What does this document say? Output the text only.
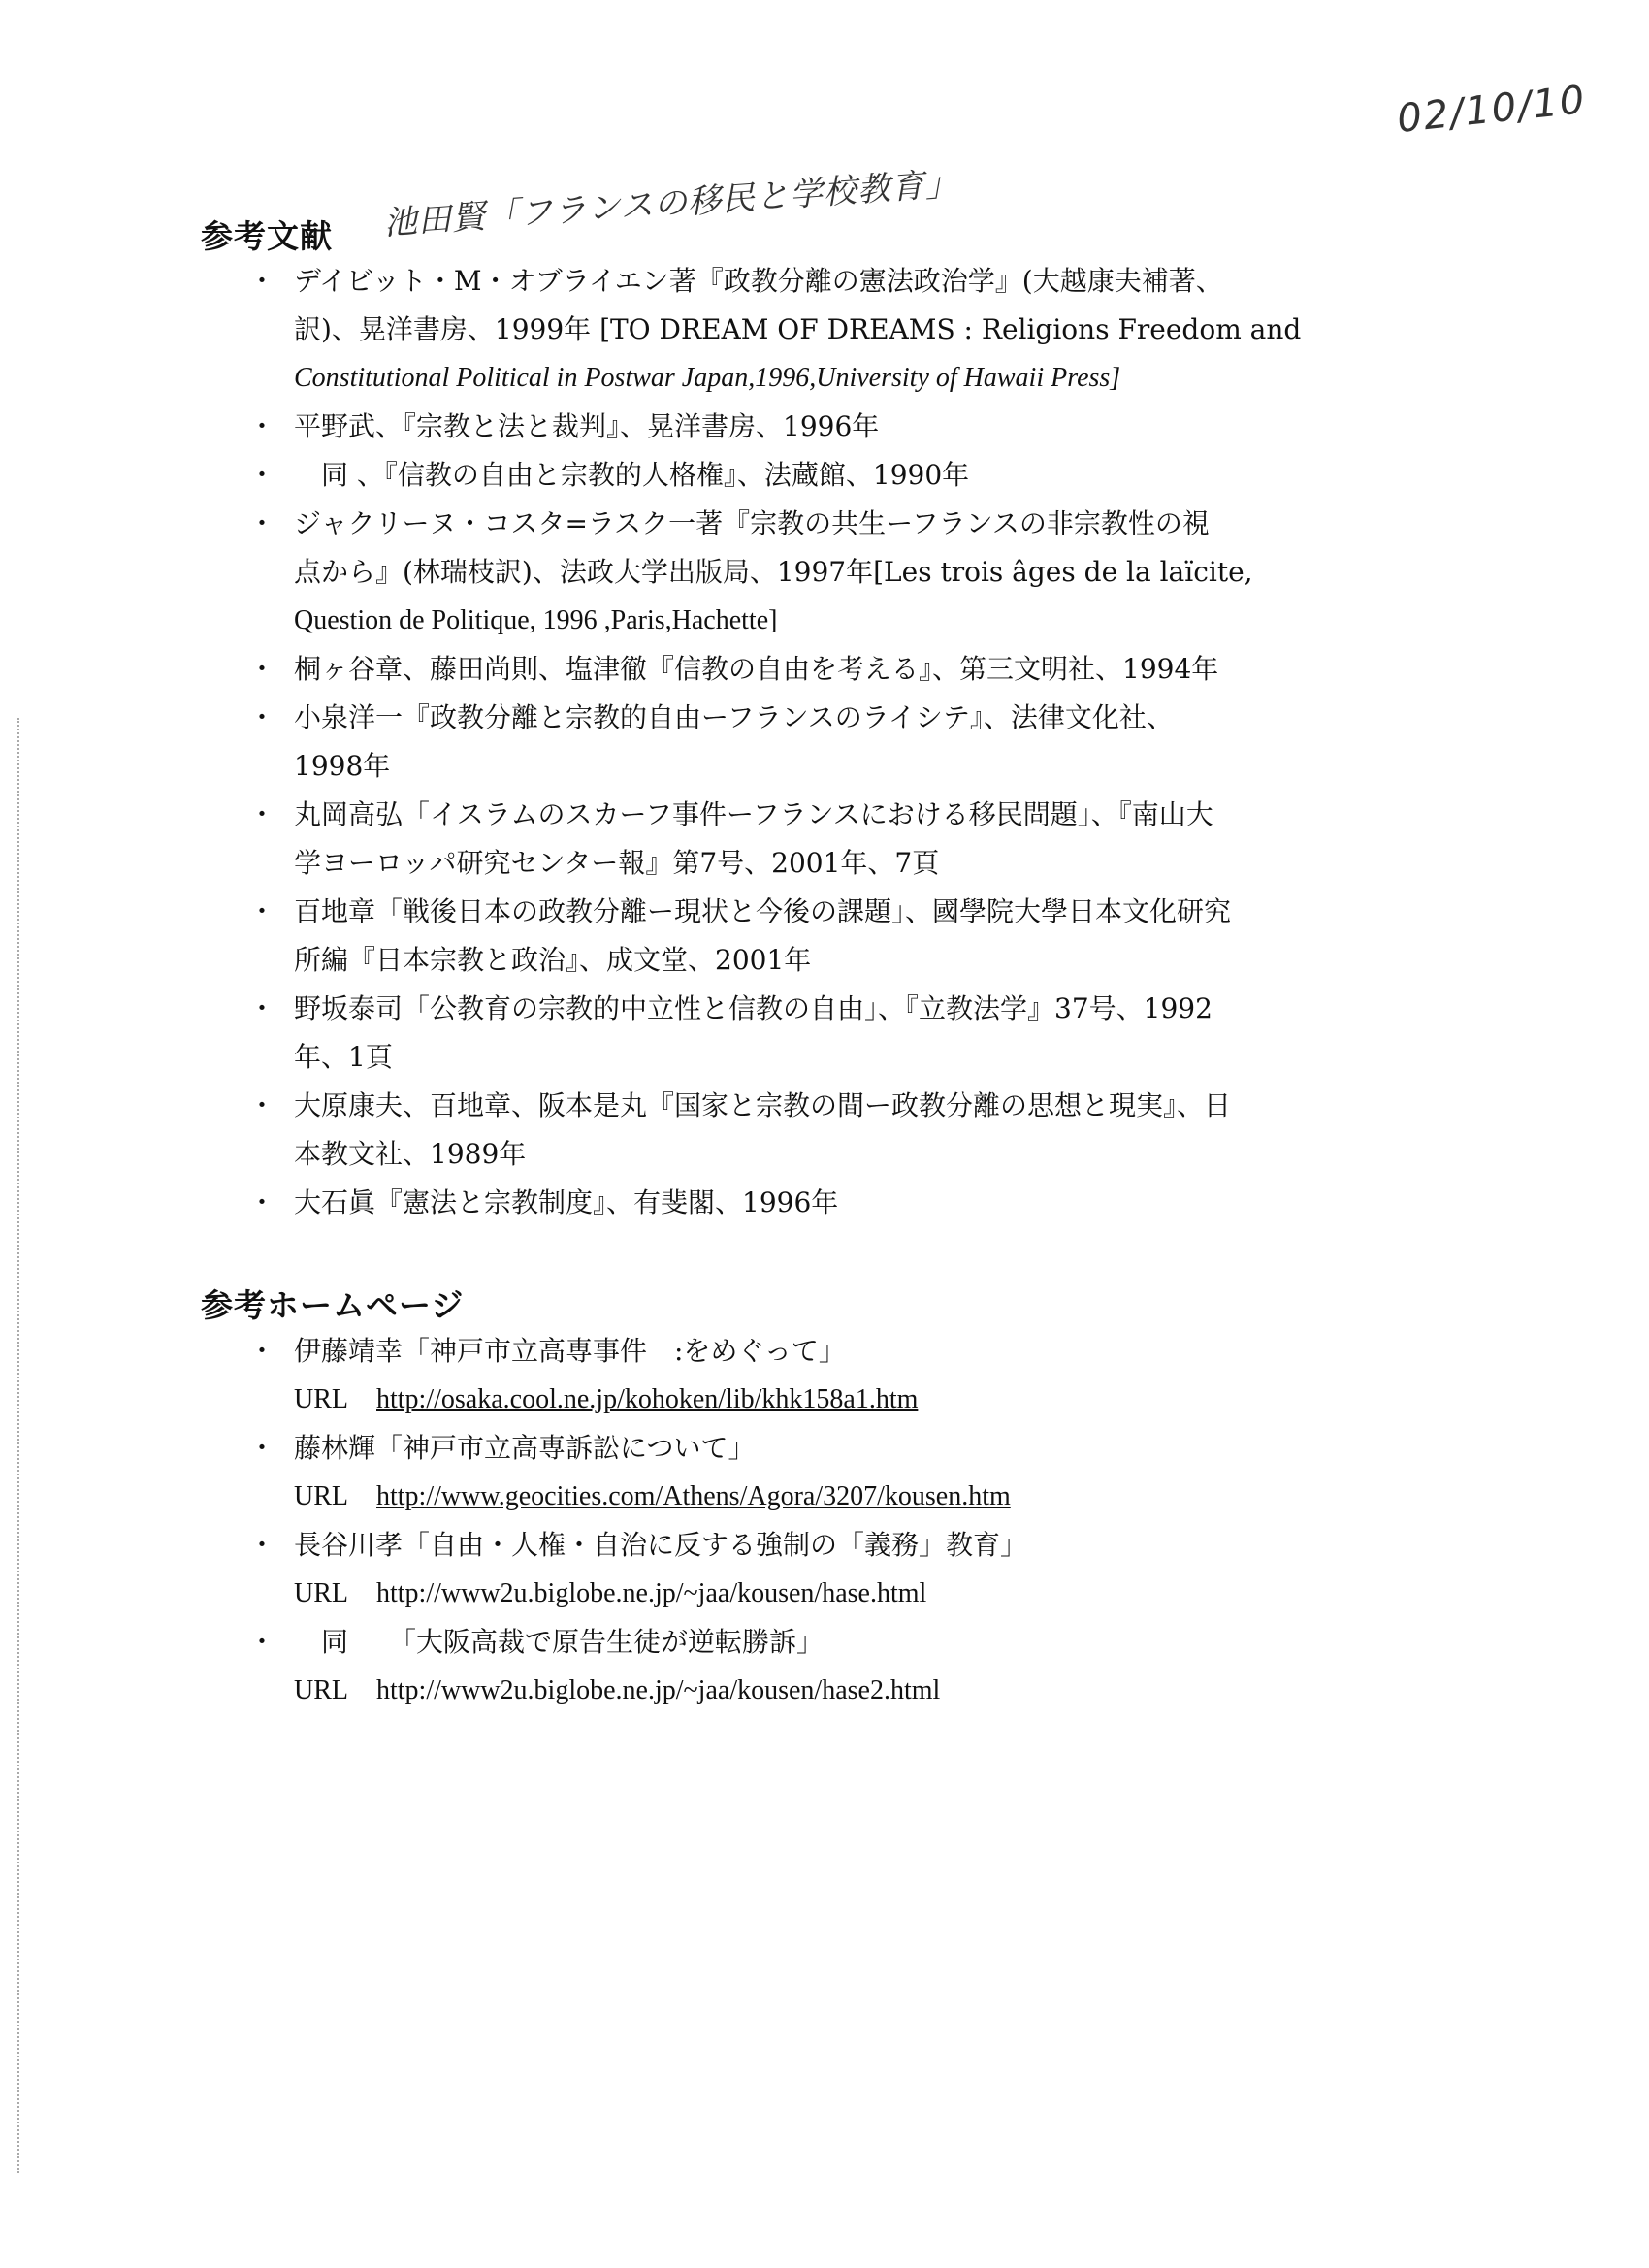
02/10/10
池田賢「フランスの移民と学校教育」
参考文献
・ デイビット・M・オブライエン著『政教分離の憲法政治学』(大越康夫補著、
訳)、晃洋書房、1999年 [TO DREAM OF DREAMS : Religions Freedom and
Constitutional Political in Postwar Japan,1996,University of Hawaii Press]
・ 平野武、『宗教と法と裁判』、晃洋書房、1996年
・ 　同 、『信教の自由と宗教的人格権』、法蔵館、1990年
・ ジャクリーヌ・コスタ=ラスク一著『宗教の共生ーフランスの非宗教性の視
点から』(林瑞枝訳)、法政大学出版局、1997年[Les trois âges de la laïcite,
Question de Politique, 1996 ,Paris,Hachette]
・ 桐ヶ谷章、藤田尚則、塩津徹『信教の自由を考える』、第三文明社、1994年
・ 小泉洋一『政教分離と宗教的自由ーフランスのライシテ』、法律文化社、
1998年
・ 丸岡高弘「イスラムのスカーフ事件ーフランスにおける移民問題」、『南山大
学ヨーロッパ研究センター報』第7号、2001年、7頁
・ 百地章「戦後日本の政教分離ー現状と今後の課題」、國學院大學日本文化研究
所編『日本宗教と政治』、成文堂、2001年
・ 野坂泰司「公教育の宗教的中立性と信教の自由」、『立教法学』37号、1992
年、1頁
・ 大原康夫、百地章、阪本是丸『国家と宗教の間ー政教分離の思想と現実』、日
本教文社、1989年
・ 大石眞『憲法と宗教制度』、有斐閣、1996年
参考ホームページ
・ 伊藤靖幸「神戸市立高専事件　:をめぐって」
URL http://osaka.cool.ne.jp/kohoken/lib/khk158a1.htm
・ 藤林輝「神戸市立高専訴訟について」
URL http://www.geocities.com/Athens/Agora/3207/kousen.htm
・ 長谷川孝「自由・人権・自治に反する強制の「義務」教育」
URL http://www2u.biglobe.ne.jp/~jaa/kousen/hase.html
・ 　同　　「大阪高裁で原告生徒が逆転勝訴」
URL http://www2u.biglobe.ne.jp/~jaa/kousen/hase2.html
